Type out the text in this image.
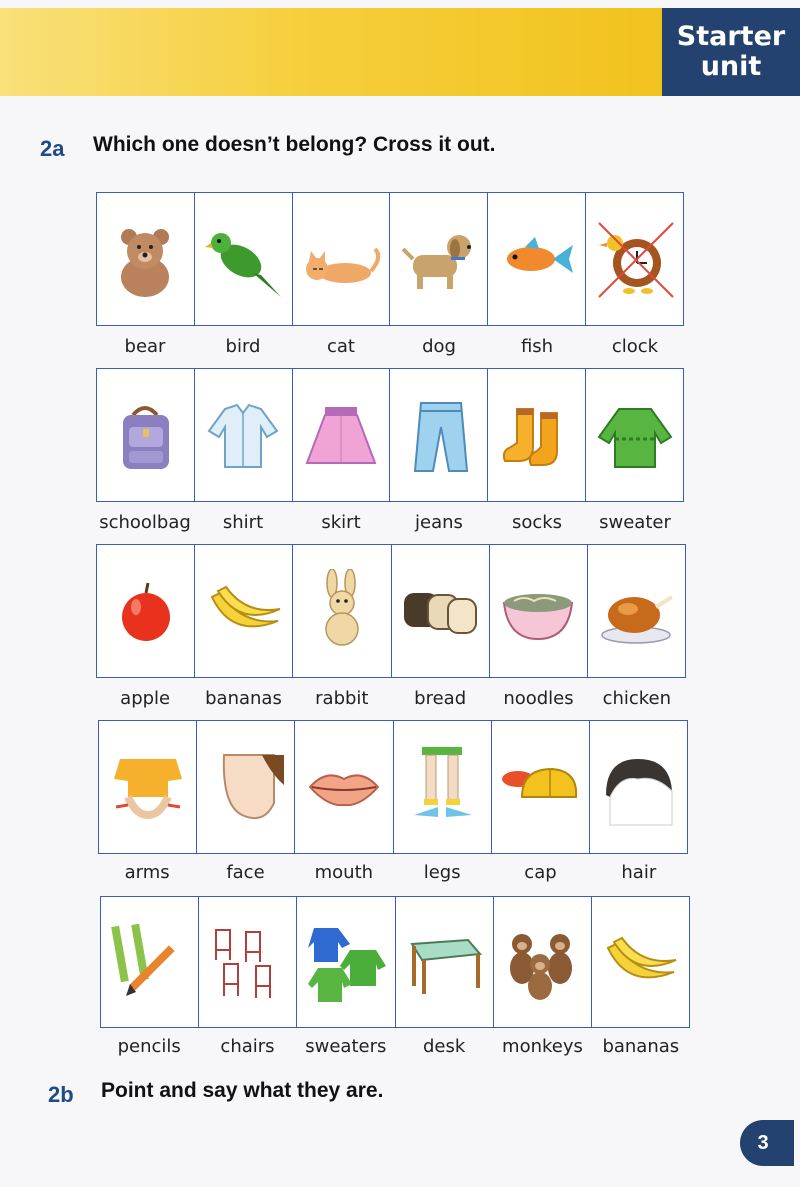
Starter
unit
2a Which one doesn’t belong? Cross it out.
bear	bird	cat	dog	fish	clock
schoolbag	shirt	skirt	jeans	socks	sweater
apple	bananas	rabbit	bread	noodles	chicken
arms	face	mouth	legs	cap	hair
pencils	chairs	sweaters	desk	monkeys	bananas
2b Point and say what they are.
3
